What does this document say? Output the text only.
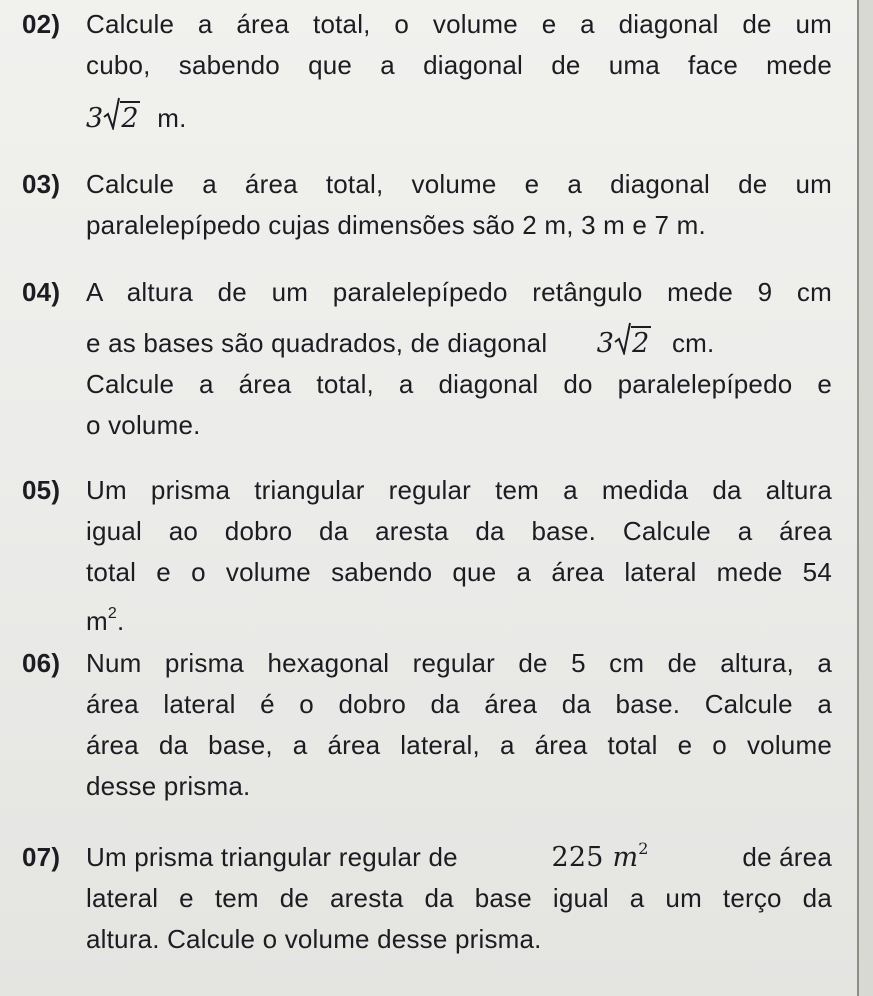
02) Calcule a área total, o volume e a diagonal de um
cubo, sabendo que a diagonal de uma face mede
3 2 m.
03) Calcule a área total, volume e a diagonal de um
paralelepípedo cujas dimensões são 2 m, 3 m e 7 m.
04) A altura de um paralelepípedo retângulo mede 9 cm
e as bases são quadrados, de diagonal 3 2 cm.
Calcule a área total, a diagonal do paralelepípedo e
o volume.
05) Um prisma triangular regular tem a medida da altura
igual ao dobro da aresta da base. Calcule a área
total e o volume sabendo que a área lateral mede 54
$m^2$.
06) Num prisma hexagonal regular de 5 cm de altura, a
área lateral é o dobro da área da base. Calcule a
área da base, a área lateral, a área total e o volume
desse prisma.
07) Um prisma triangular regular de	225 $m^2$	de área
lateral e tem de aresta da base igual a um terço da
altura. Calcule o volume desse prisma.
